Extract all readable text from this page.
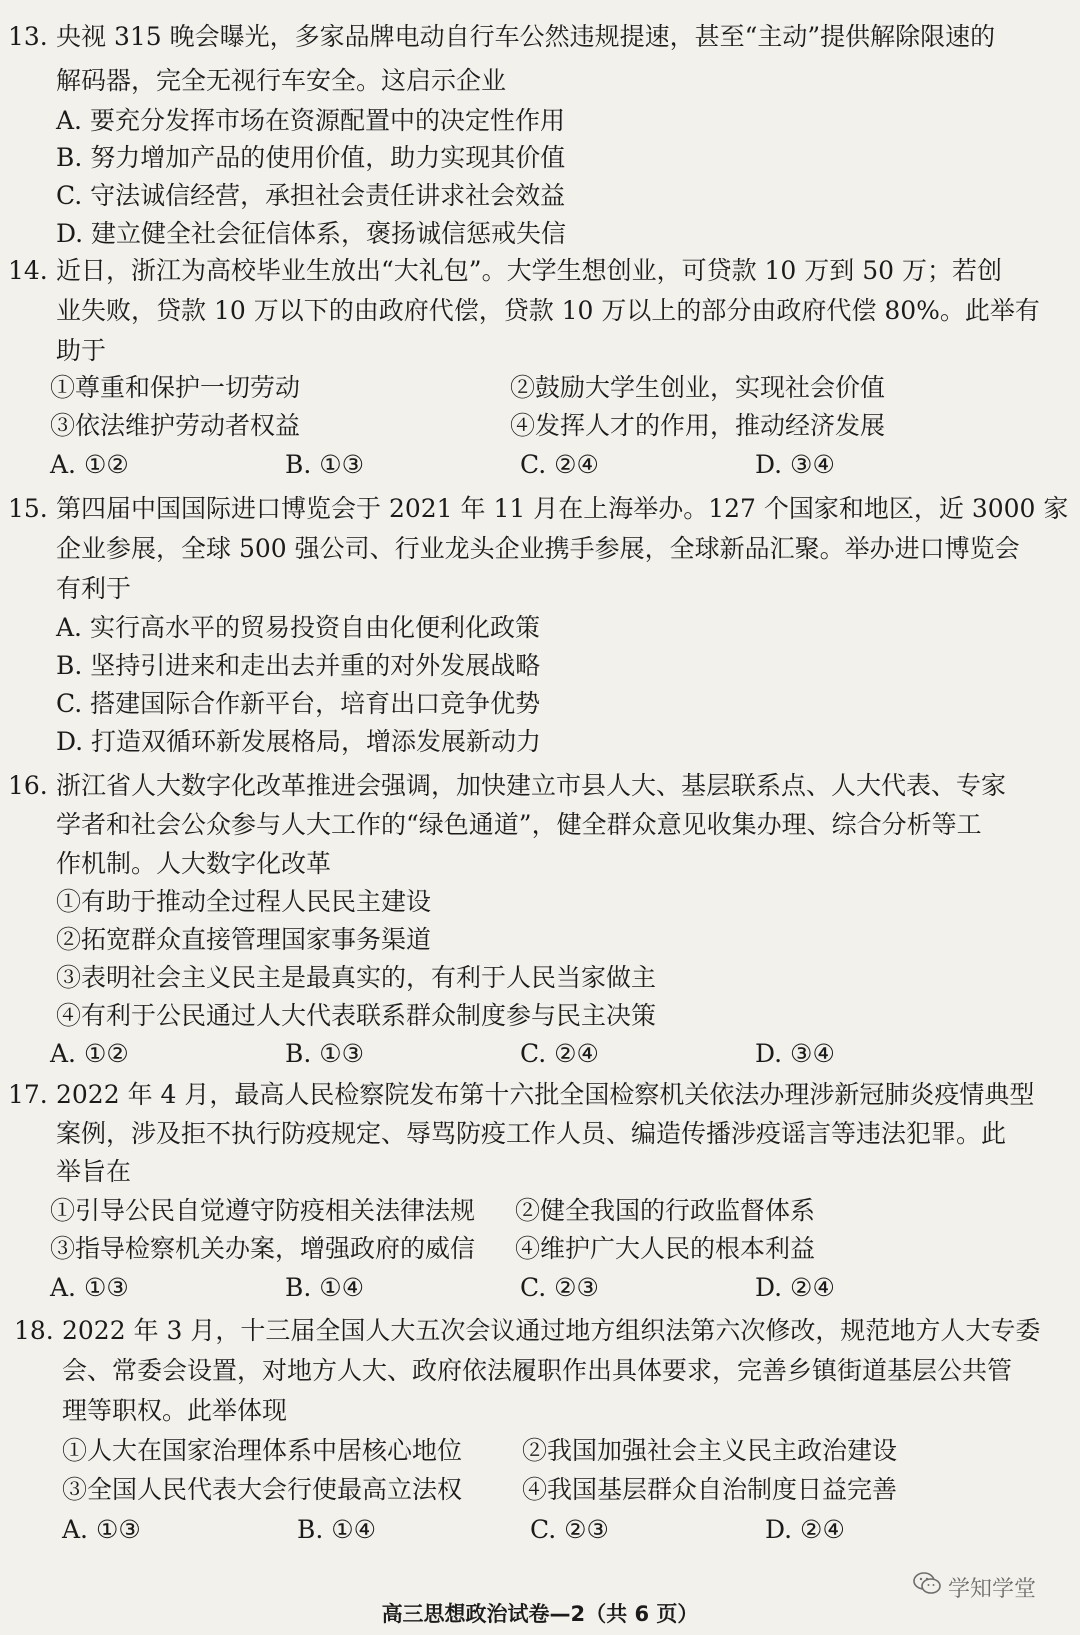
13. 央视 315 晚会曝光，多家品牌电动自行车公然违规提速，甚至“主动”提供解除限速的
解码器，完全无视行车安全。这启示企业
A. 要充分发挥市场在资源配置中的决定性作用
B. 努力增加产品的使用价值，助力实现其价值
C. 守法诚信经营，承担社会责任讲求社会效益
D. 建立健全社会征信体系，褒扬诚信惩戒失信
14. 近日，浙江为高校毕业生放出“大礼包”。大学生想创业，可贷款 10 万到 50 万；若创
业失败，贷款 10 万以下的由政府代偿，贷款 10 万以上的部分由政府代偿 80%。此举有
助于
①尊重和保护一切劳动	②鼓励大学生创业，实现社会价值
③依法维护劳动者权益	④发挥人才的作用，推动经济发展
A. ①②	B. ①③	C. ②④	D. ③④
15. 第四届中国国际进口博览会于 2021 年 11 月在上海举办。127 个国家和地区，近 3000 家
企业参展，全球 500 强公司、行业龙头企业携手参展，全球新品汇聚。举办进口博览会
有利于
A. 实行高水平的贸易投资自由化便利化政策
B. 坚持引进来和走出去并重的对外发展战略
C. 搭建国际合作新平台，培育出口竞争优势
D. 打造双循环新发展格局，增添发展新动力
16. 浙江省人大数字化改革推进会强调，加快建立市县人大、基层联系点、人大代表、专家
学者和社会公众参与人大工作的“绿色通道”，健全群众意见收集办理、综合分析等工
作机制。人大数字化改革
①有助于推动全过程人民民主建设
②拓宽群众直接管理国家事务渠道
③表明社会主义民主是最真实的，有利于人民当家做主
④有利于公民通过人大代表联系群众制度参与民主决策
A. ①②	B. ①③	C. ②④	D. ③④
17. 2022 年 4 月，最高人民检察院发布第十六批全国检察机关依法办理涉新冠肺炎疫情典型
案例，涉及拒不执行防疫规定、辱骂防疫工作人员、编造传播涉疫谣言等违法犯罪。此
举旨在
①引导公民自觉遵守防疫相关法律法规 ②健全我国的行政监督体系
③指导检察机关办案，增强政府的威信 ④维护广大人民的根本利益
A. ①③	B. ①④	C. ②③	D. ②④
18. 2022 年 3 月，十三届全国人大五次会议通过地方组织法第六次修改，规范地方人大专委
会、常委会设置，对地方人大、政府依法履职作出具体要求，完善乡镇街道基层公共管
理等职权。此举体现
①人大在国家治理体系中居核心地位 ②我国加强社会主义民主政治建设
③全国人民代表大会行使最高立法权 ④我国基层群众自治制度日益完善
A. ①③	B. ①④	C. ②③	D. ②④
学知学堂
高三思想政治试卷—2（共 6 页）
